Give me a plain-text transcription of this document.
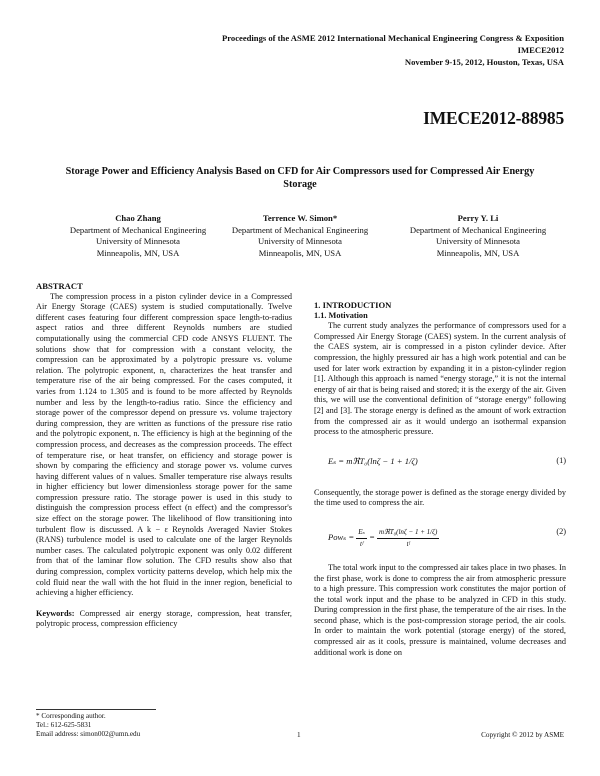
Proceedings of the ASME 2012 International Mechanical Engineering Congress & Exposition
IMECE2012
November 9-15, 2012, Houston, Texas, USA
IMECE2012-88985
Storage Power and Efficiency Analysis Based on CFD for Air Compressors used for Compressed Air Energy Storage
Chao Zhang
Department of Mechanical Engineering
University of Minnesota
Minneapolis, MN, USA
Terrence W. Simon*
Department of Mechanical Engineering
University of Minnesota
Minneapolis, MN, USA
Perry Y. Li
Department of Mechanical Engineering
University of Minnesota
Minneapolis, MN, USA
ABSTRACT

The compression process in a piston cylinder device in a Compressed Air Energy Storage (CAES) system is studied computationally. Twelve different cases featuring four different compression space length-to-radius aspect ratios and three different Reynolds numbers are studied computationally using the commercial CFD code ANSYS FLUENT. The solutions show that for compression with a constant velocity, the compression can be approximated by a polytropic pressure vs. volume relation. The polytropic exponent, n, characterizes the heat transfer and temperature rise of the air being compressed. For the cases computed, it varies from 1.124 to 1.305 and is found to be more affected by Reynolds number and less by the length-to-radius ratio. Since the efficiency and storage power of the compressor depend on pressure vs. volume trajectory during compression, they are written as functions of the pressure rise ratio and the polytropic exponent, n. The efficiency is high at the beginning of the compression process, and decreases as the compression proceeds. The effect of temperature rise, or heat transfer, on efficiency and storage power is shown by comparing the efficiency and storage power vs. volume curves having different values of n values. Smaller temperature rise always results in higher efficiency but lower dimensionless storage power for the same compression pressure ratio. The storage power is used in this study to distinguish the compression process effect (n effect) and the compressor's size effect on the storage power. The likelihood of flow transitioning into turbulent flow is discussed. A k − ε Reynolds Averaged Navier Stokes (RANS) turbulence model is used to calculate one of the larger Reynolds number cases. The calculated polytropic exponent was only 0.02 different from that of the laminar flow solution. The CFD results show also that during compression, complex vorticity patterns develop, which help mix the cold fluid near the wall with the hot fluid in the inner region, beneficial to achieving a higher efficiency.

Keywords: Compressed air energy storage, compression, heat transfer, polytropic process, compression efficiency

1. INTRODUCTION
1.1. Motivation

The current study analyzes the performance of compressors used for a Compressed Air Energy Storage (CAES) system. In the current analysis of the CAES system, air is compressed in a piston cylinder device. After compression, the highly pressured air has a high work potential and can be used for later work extraction by expanding it in a piston-cylinder region [1]. Although this approach is named “energy storage,” it is not the internal energy of air that is being raised and stored; it is the exergy of the air. Given this, we will use the conventional definition of “storage energy” following [2] and [3]. The storage energy is defined as the amount of work extraction from the compressed air as it would undergo an isothermal expansion process to the atmospheric pressure.

Eₛ = mℜT₀(lnζ − 1 + 1/ζ)	(1)

Consequently, the storage power is defined as the storage energy divided by the time used to compress the air.

$Pow_s = \frac{\text{Eₛ}}{\text{tᶠ}} = \frac{\text{mℜT₀(lnζ − 1 + 1/ζ)}}{\text{tᶠ}}$	(2)

The total work input to the compressed air takes place in two phases. In the first phase, work is done to compress the air from atmospheric pressure to a high pressure. This compression work constitutes the major portion of the total work input and the phase to be analyzed in CFD in this study. During compression in the first phase, the temperature of the air rises. In the second phase, which is the post-compression storage period, the air cools. In order to maintain the work potential (storage energy) of the stored, compressed air as it cools, pressure is maintained, volume decreases and additional work is done on

* Corresponding author.
Tel.: 612-625-5831
Email address: simon002@umn.edu	1	Copyright © 2012 by ASME
